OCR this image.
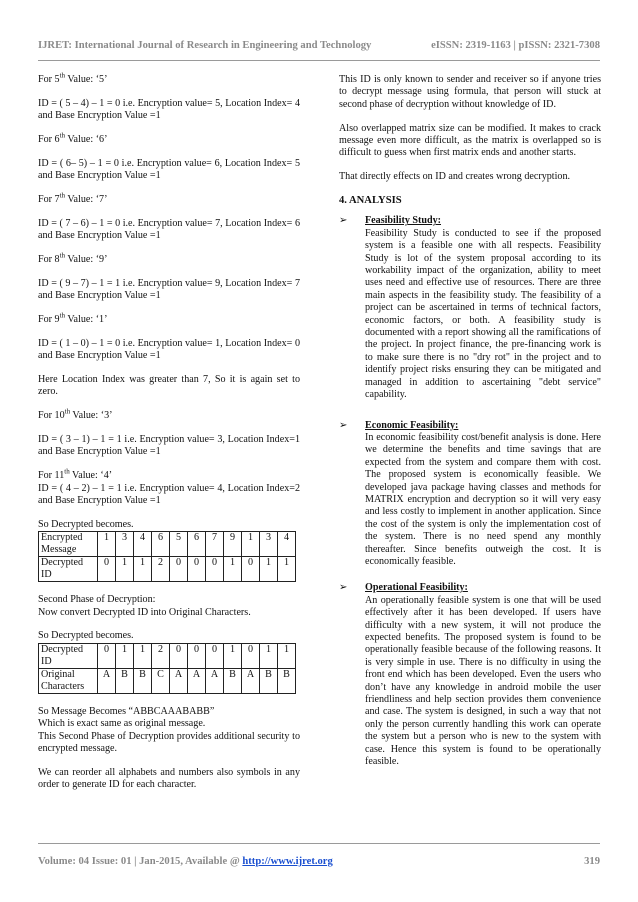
IJRET: International Journal of Research in Engineering and Technology	eISSN: 2319-1163 | pISSN: 2321-7308

For 5th Value: ‘5’

ID = ( 5 – 4) – 1 = 0 i.e. Encryption value= 5, Location Index= 4 and Base Encryption Value =1

For 6th Value: ‘6’

ID = ( 6– 5) – 1 = 0 i.e. Encryption value= 6, Location Index= 5 and Base Encryption Value =1

For 7th Value: ‘7’

ID = ( 7 – 6) – 1 = 0 i.e. Encryption value= 7, Location Index= 6 and Base Encryption Value =1

For 8th Value: ‘9’

ID = ( 9 – 7) – 1 = 1 i.e. Encryption value= 9, Location Index= 7 and Base Encryption Value =1

For 9th Value: ‘1’

ID = ( 1 – 0) – 1 = 0 i.e. Encryption value= 1, Location Index= 0 and Base Encryption Value =1

Here Location Index was greater than 7, So it is again set to zero.

For 10th Value: ‘3’

ID = ( 3 – 1) – 1 = 1 i.e. Encryption value= 3, Location Index=1 and Base Encryption Value =1

For 11th Value: ‘4’

ID = ( 4 – 2) – 1 = 1 i.e. Encryption value= 4, Location Index=2 and Base Encryption Value =1

So Decrypted becomes.

Encrypted Message	1	3	4	6	5	6	7	9	1	3	4
Decrypted ID	0	1	1	2	0	0	0	1	0	1	1

Second Phase of Decryption:

Now convert Decrypted ID into Original Characters.

So Decrypted becomes.

Decrypted ID	0	1	1	2	0	0	0	1	0	1	1
Original Characters	A	B	B	C	A	A	A	B	A	B	B

So Message Becomes “ABBCAAABABB”

Which is exact same as original message.

This Second Phase of Decryption provides additional security to encrypted message.

We can reorder all alphabets and numbers also symbols in any order to generate ID for each character.

This ID is only known to sender and receiver so if anyone tries to decrypt message using formula, that person will stuck at second phase of decryption without knowledge of ID.

Also overlapped matrix size can be modified. It makes to crack message even more difficult, as the matrix is overlapped so is difficult to guess when first matrix ends and another starts.

That directly effects on ID and creates wrong decryption.

4. ANALYSIS
➢ Feasibility Study:
Feasibility Study is conducted to see if the proposed system is a feasible one with all respects. Feasibility Study is lot of the system proposal according to its workability impact of the organization, ability to meet uses need and effective use of resources. There are three main aspects in the feasibility study. The feasibility of a project can be ascertained in terms of technical factors, economic factors, or both. A feasibility study is documented with a report showing all the ramifications of the project. In project finance, the pre-financing work is to make sure there is no "dry rot" in the project and to identify project risks ensuring they can be mitigated and managed in addition to ascertaining "debt service" capability.
➢ Economic Feasibility:
In economic feasibility cost/benefit analysis is done. Here we determine the benefits and time savings that are expected from the system and compare them with cost. The proposed system is economically feasible. We developed java package having classes and methods for MATRIX encryption and decryption so it will very easy and less costly to implement in another application. Since the cost of the system is only the implementation cost of the system. There is no need spend any monthly thereafter. Since benefits outweigh the cost. It is economically feasible.
➢ Operational Feasibility:
An operationally feasible system is one that will be used effectively after it has been developed. If users have difficulty with a new system, it will not produce the expected benefits. The proposed system is found to be operationally feasible because of the following reasons. It is very simple in use. There is no difficulty in using the front end which has been developed. Even the users who don’t have any knowledge in android mobile the user friendliness and help section provides them convenience and case. The system is designed, in such a way that not only the person currently handling this work can operate the system but a person who is new to the system with case. Hence this system is found to be operationally feasible.
Volume: 04 Issue: 01 | Jan-2015, Available @ http://www.ijret.org	319
